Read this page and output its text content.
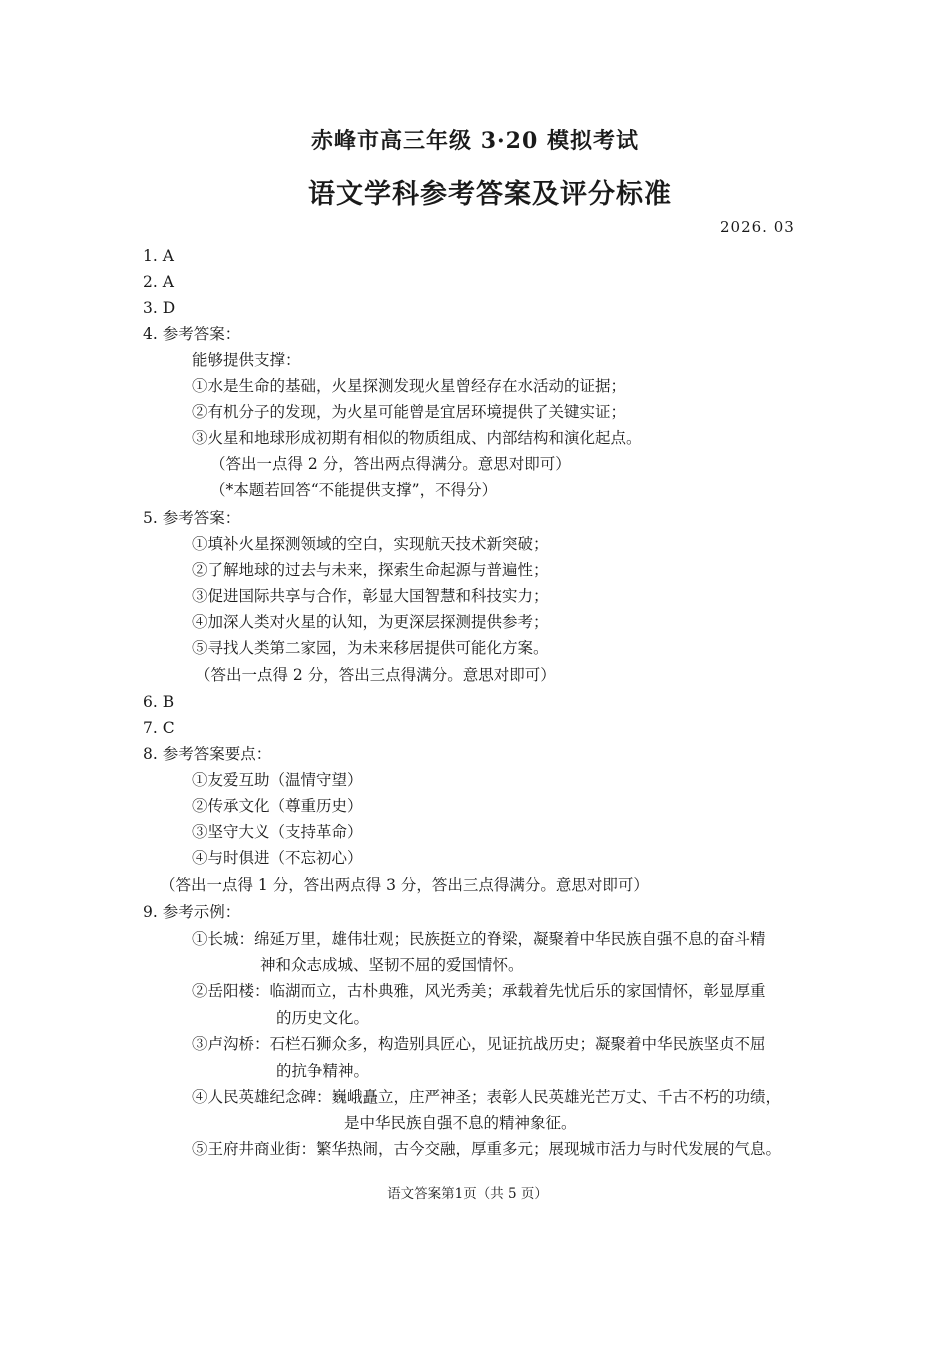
赤峰市高三年级 3·20 模拟考试
语文学科参考答案及评分标准
2026. 03
1. A
2. A
3. D
4. 参考答案：
能够提供支撑：
①水是生命的基础，火星探测发现火星曾经存在水活动的证据；
②有机分子的发现，为火星可能曾是宜居环境提供了关键实证；
③火星和地球形成初期有相似的物质组成、内部结构和演化起点。
（答出一点得 2 分，答出两点得满分。意思对即可）
（*本题若回答“不能提供支撑”，不得分）
5. 参考答案：
①填补火星探测领域的空白，实现航天技术新突破；
②了解地球的过去与未来，探索生命起源与普遍性；
③促进国际共享与合作，彰显大国智慧和科技实力；
④加深人类对火星的认知，为更深层探测提供参考；
⑤寻找人类第二家园，为未来移居提供可能化方案。
（答出一点得 2 分，答出三点得满分。意思对即可）
6. B
7. C
8. 参考答案要点：
①友爱互助（温情守望）
②传承文化（尊重历史）
③坚守大义（支持革命）
④与时俱进（不忘初心）
（答出一点得 1 分，答出两点得 3 分，答出三点得满分。意思对即可）
9. 参考示例：
①长城：绵延万里，雄伟壮观；民族挺立的脊梁，凝聚着中华民族自强不息的奋斗精
神和众志成城、坚韧不屈的爱国情怀。
②岳阳楼：临湖而立，古朴典雅，风光秀美；承载着先忧后乐的家国情怀，彰显厚重
的历史文化。
③卢沟桥：石栏石狮众多，构造别具匠心，见证抗战历史；凝聚着中华民族坚贞不屈
的抗争精神。
④人民英雄纪念碑：巍峨矗立，庄严神圣；表彰人民英雄光芒万丈、千古不朽的功绩，
是中华民族自强不息的精神象征。
⑤王府井商业街：繁华热闹，古今交融，厚重多元；展现城市活力与时代发展的气息。
语文答案第1页（共 5 页）
